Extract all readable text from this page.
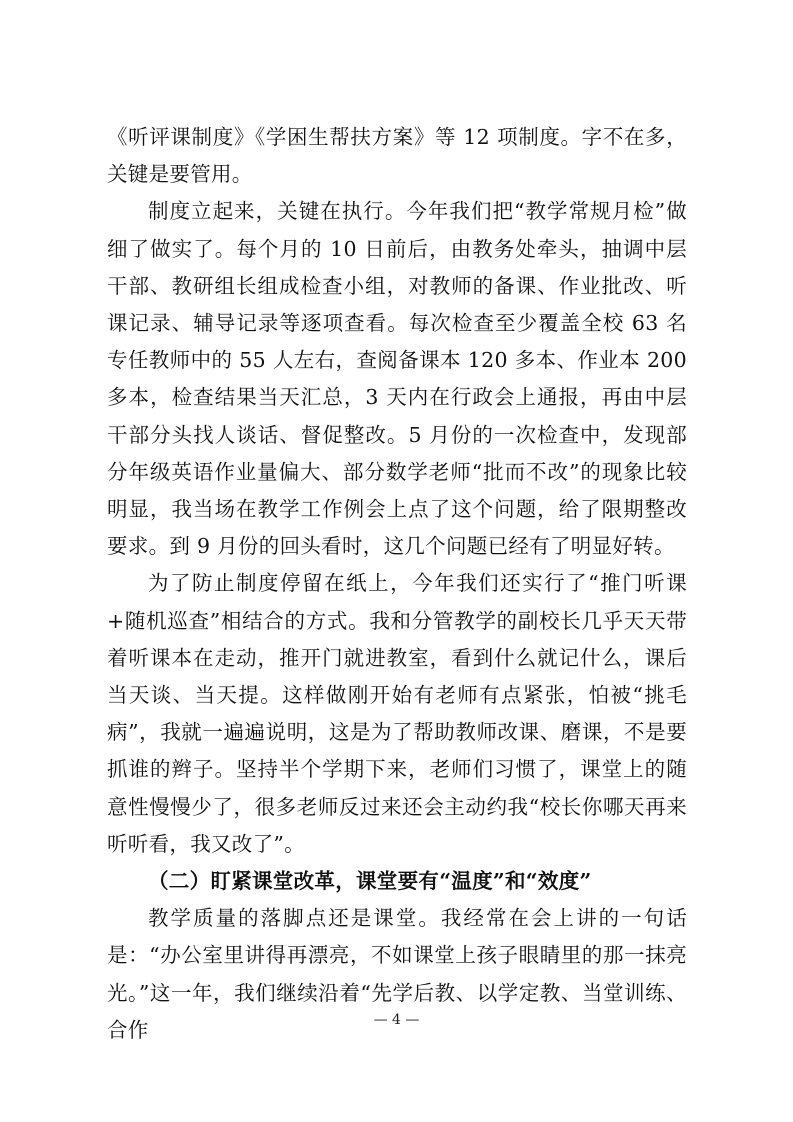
《听评课制度》《学困生帮扶方案》等 12 项制度。字不在多，关键是要管用。

制度立起来，关键在执行。今年我们把“教学常规月检”做细了做实了。每个月的 10 日前后，由教务处牵头，抽调中层干部、教研组长组成检查小组，对教师的备课、作业批改、听课记录、辅导记录等逐项查看。每次检查至少覆盖全校 63 名专任教师中的 55 人左右，查阅备课本 120 多本、作业本 200 多本，检查结果当天汇总，3 天内在行政会上通报，再由中层干部分头找人谈话、督促整改。5 月份的一次检查中，发现部分年级英语作业量偏大、部分数学老师“批而不改”的现象比较明显，我当场在教学工作例会上点了这个问题，给了限期整改要求。到 9 月份的回头看时，这几个问题已经有了明显好转。

为了防止制度停留在纸上，今年我们还实行了“推门听课+随机巡查”相结合的方式。我和分管教学的副校长几乎天天带着听课本在走动，推开门就进教室，看到什么就记什么，课后当天谈、当天提。这样做刚开始有老师有点紧张，怕被“挑毛病”，我就一遍遍说明，这是为了帮助教师改课、磨课，不是要抓谁的辫子。坚持半个学期下来，老师们习惯了，课堂上的随意性慢慢少了，很多老师反过来还会主动约我“校长你哪天再来听听看，我又改了”。

（二）盯紧课堂改革，课堂要有“温度”和“效度”

教学质量的落脚点还是课堂。我经常在会上讲的一句话是：“办公室里讲得再漂亮，不如课堂上孩子眼睛里的那一抹亮光。”这一年，我们继续沿着“先学后教、以学定教、当堂训练、合作	— 4 —
